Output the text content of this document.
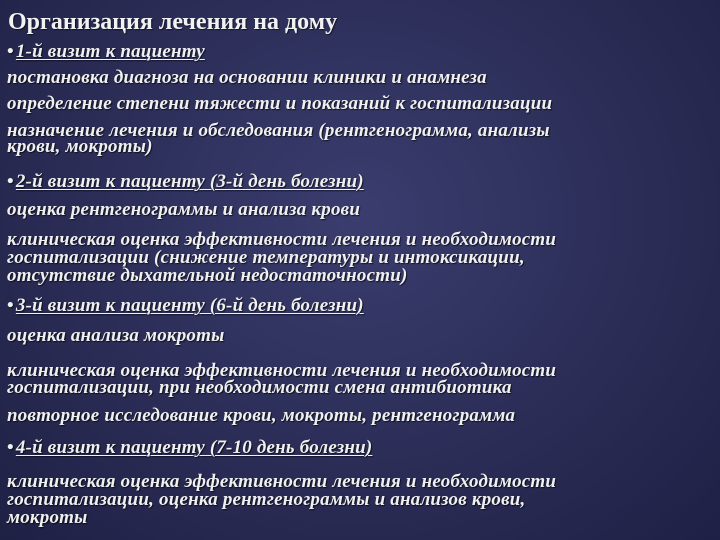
Организация лечения на дому
• 1-й визит к пациенту
постановка диагноза на основании клиники и анамнеза
определение степени тяжести и показаний к госпитализации
назначение лечения и обследования (рентгенограмма, анализы
крови, мокроты)
• 2-й визит к пациенту (3-й день болезни)
оценка рентгенограммы и анализа крови
клиническая оценка эффективности лечения и необходимости
госпитализации (снижение температуры и интоксикации,
отсутствие дыхательной недостаточности)
• 3-й визит к пациенту (6-й день болезни)
оценка анализа мокроты
клиническая оценка эффективности лечения и необходимости
госпитализации, при необходимости смена антибиотика
повторное исследование крови, мокроты, рентгенограмма
• 4-й визит к пациенту (7-10 день болезни)
клиническая оценка эффективности лечения и необходимости
госпитализации, оценка рентгенограммы и анализов крови,
мокроты
